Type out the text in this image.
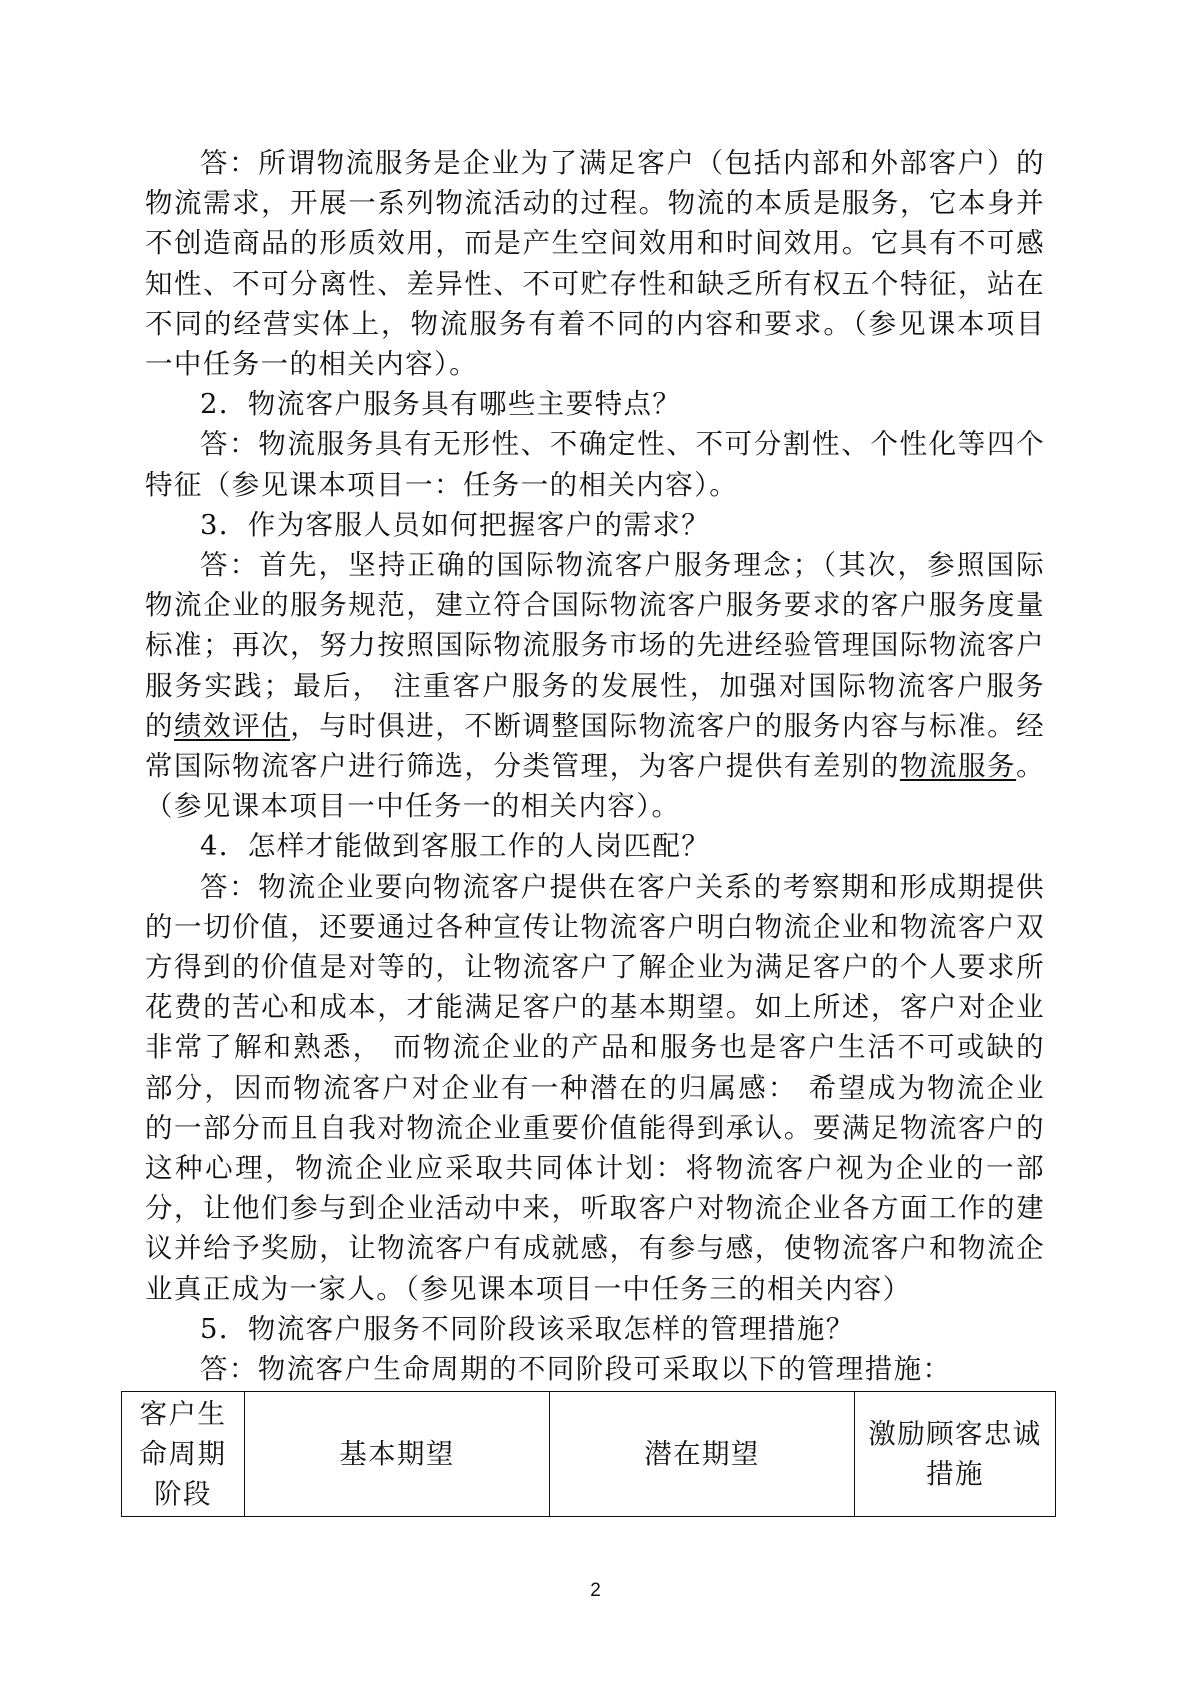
答：所谓物流服务是企业为了满足客户（包括内部和外部客户）的物流需求，开展一系列物流活动的过程。物流的本质是服务，它本身并不创造商品的形质效用，而是产生空间效用和时间效用。它具有不可感知性、不可分离性、差异性、不可贮存性和缺乏所有权五个特征，站在不同的经营实体上，物流服务有着不同的内容和要求。（参见课本项目一中任务一的相关内容）。

2．物流客户服务具有哪些主要特点？

答：物流服务具有无形性、不确定性、不可分割性、个性化等四个特征（参见课本项目一：任务一的相关内容）。

3．作为客服人员如何把握客户的需求？

答：首先，坚持正确的国际物流客户服务理念；（其次，参照国际物流企业的服务规范，建立符合国际物流客户服务要求的客户服务度量标准；再次，努力按照国际物流服务市场的先进经验管理国际物流客户服务实践；最后， 注重客户服务的发展性，加强对国际物流客户服务的绩效评估，与时俱进，不断调整国际物流客户的服务内容与标准。经常国际物流客户进行筛选，分类管理，为客户提供有差别的物流服务。（参见课本项目一中任务一的相关内容）。

4．怎样才能做到客服工作的人岗匹配？

答：物流企业要向物流客户提供在客户关系的考察期和形成期提供的一切价值，还要通过各种宣传让物流客户明白物流企业和物流客户双方得到的价值是对等的，让物流客户了解企业为满足客户的个人要求所花费的苦心和成本，才能满足客户的基本期望。如上所述，客户对企业非常了解和熟悉， 而物流企业的产品和服务也是客户生活不可或缺的部分，因而物流客户对企业有一种潜在的归属感： 希望成为物流企业的一部分而且自我对物流企业重要价值能得到承认。要满足物流客户的这种心理，物流企业应采取共同体计划：将物流客户视为企业的一部分，让他们参与到企业活动中来，听取客户对物流企业各方面工作的建议并给予奖励，让物流客户有成就感，有参与感，使物流客户和物流企业真正成为一家人。（参见课本项目一中任务三的相关内容）

5．物流客户服务不同阶段该采取怎样的管理措施？

答：物流客户生命周期的不同阶段可采取以下的管理措施：

客户生命周期阶段	基本期望	潜在期望	激励顾客忠诚措施
2
